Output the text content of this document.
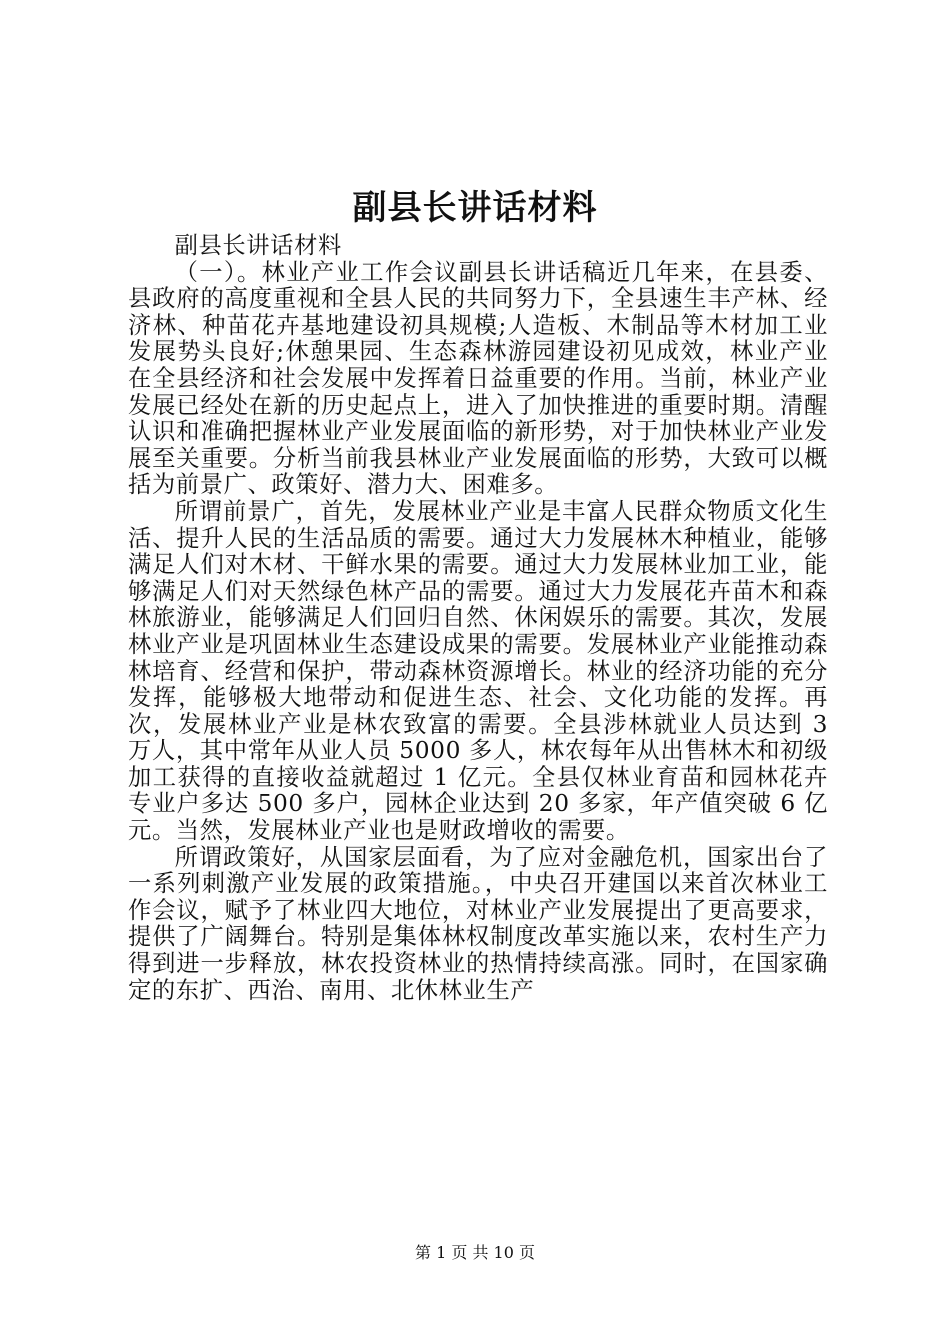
副县长讲话材料

副县长讲话材料

（一）。林业产业工作会议副县长讲话稿近几年来，在县委、县政府的高度重视和全县人民的共同努力下，全县速生丰产林、经济林、种苗花卉基地建设初具规模;人造板、木制品等木材加工业发展势头良好;休憩果园、生态森林游园建设初见成效，林业产业在全县经济和社会发展中发挥着日益重要的作用。当前，林业产业发展已经处在新的历史起点上，进入了加快推进的重要时期。清醒认识和准确把握林业产业发展面临的新形势，对于加快林业产业发展至关重要。分析当前我县林业产业发展面临的形势，大致可以概括为前景广、政策好、潜力大、困难多。

所谓前景广，首先，发展林业产业是丰富人民群众物质文化生活、提升人民的生活品质的需要。通过大力发展林木种植业，能够满足人们对木材、干鲜水果的需要。通过大力发展林业加工业，能够满足人们对天然绿色林产品的需要。通过大力发展花卉苗木和森林旅游业，能够满足人们回归自然、休闲娱乐的需要。其次，发展林业产业是巩固林业生态建设成果的需要。发展林业产业能推动森林培育、经营和保护，带动森林资源增长。林业的经济功能的充分发挥，能够极大地带动和促进生态、社会、文化功能的发挥。再次，发展林业产业是林农致富的需要。全县涉林就业人员达到 3 万人，其中常年从业人员 5000 多人，林农每年从出售林木和初级加工获得的直接收益就超过 1 亿元。全县仅林业育苗和园林花卉专业户多达 500 多户，园林企业达到 20 多家，年产值突破 6 亿元。当然，发展林业产业也是财政增收的需要。

所谓政策好，从国家层面看，为了应对金融危机，国家出台了一系列刺激产业发展的政策措施。，中央召开建国以来首次林业工作会议，赋予了林业四大地位，对林业产业发展提出了更高要求，提供了广阔舞台。特别是集体林权制度改革实施以来，农村生产力得到进一步释放，林农投资林业的热情持续高涨。同时，在国家确定的东扩、西治、南用、北休林业生产

第 1 页 共 10 页
